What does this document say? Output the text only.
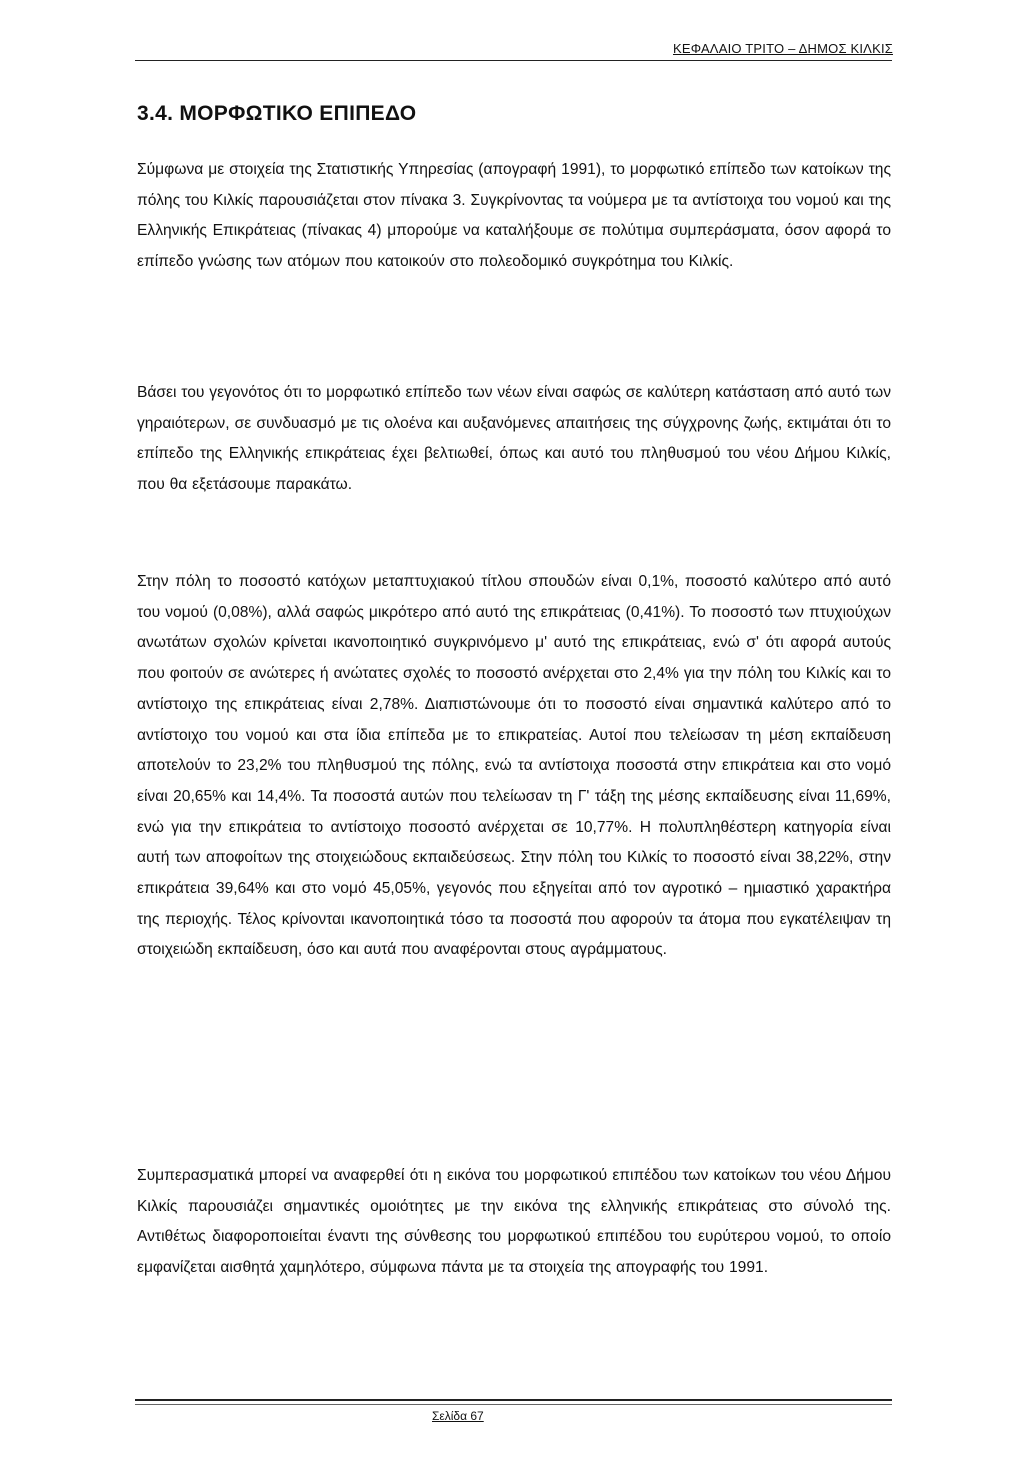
ΚΕΦΑΛΑΙΟ ΤΡΙΤΟ – ΔΗΜΟΣ ΚΙΛΚΙΣ
3.4. ΜΟΡΦΩΤΙΚΟ ΕΠΙΠΕΔΟ

Σύμφωνα με στοιχεία της Στατιστικής Υπηρεσίας (απογραφή 1991), το μορφωτικό επίπεδο των κατοίκων της πόλης του Κιλκίς παρουσιάζεται στον πίνακα 3. Συγκρίνοντας τα νούμερα με τα αντίστοιχα του νομού και της Ελληνικής Επικράτειας (πίνακας 4) μπορούμε να καταλήξουμε σε πολύτιμα συμπεράσματα, όσον αφορά το επίπεδο γνώσης των ατόμων που κατοικούν στο πολεοδομικό συγκρότημα του Κιλκίς.

Βάσει του γεγονότος ότι το μορφωτικό επίπεδο των νέων είναι σαφώς σε καλύτερη κατάσταση από αυτό των γηραιότερων, σε συνδυασμό με τις ολοένα και αυξανόμενες απαιτήσεις της σύγχρονης ζωής, εκτιμάται ότι το επίπεδο της Ελληνικής επικράτειας έχει βελτιωθεί, όπως και αυτό του πληθυσμού του νέου Δήμου Κιλκίς, που θα εξετάσουμε παρακάτω.

Στην πόλη το ποσοστό κατόχων μεταπτυχιακού τίτλου σπουδών είναι 0,1%, ποσοστό καλύτερο από αυτό του νομού (0,08%), αλλά σαφώς μικρότερο από αυτό της επικράτειας (0,41%). Το ποσοστό των πτυχιούχων ανωτάτων σχολών κρίνεται ικανοποιητικό συγκρινόμενο μ' αυτό της επικράτειας, ενώ σ' ότι αφορά αυτούς που φοιτούν σε ανώτερες ή ανώτατες σχολές το ποσοστό ανέρχεται στο 2,4% για την πόλη του Κιλκίς και το αντίστοιχο της επικράτειας είναι 2,78%. Διαπιστώνουμε ότι το ποσοστό είναι σημαντικά καλύτερο από το αντίστοιχο του νομού και στα ίδια επίπεδα με το επικρατείας. Αυτοί που τελείωσαν τη μέση εκπαίδευση αποτελούν το 23,2% του πληθυσμού της πόλης, ενώ τα αντίστοιχα ποσοστά στην επικράτεια και στο νομό είναι 20,65% και 14,4%. Τα ποσοστά αυτών που τελείωσαν τη Γ' τάξη της μέσης εκπαίδευσης είναι 11,69%, ενώ για την επικράτεια το αντίστοιχο ποσοστό ανέρχεται σε 10,77%. Η πολυπληθέστερη κατηγορία είναι αυτή των αποφοίτων της στοιχειώδους εκπαιδεύσεως. Στην πόλη του Κιλκίς το ποσοστό είναι 38,22%, στην επικράτεια 39,64% και στο νομό 45,05%, γεγονός που εξηγείται από τον αγροτικό – ημιαστικό χαρακτήρα της περιοχής. Τέλος κρίνονται ικανοποιητικά τόσο τα ποσοστά που αφορούν τα άτομα που εγκατέλειψαν τη στοιχειώδη εκπαίδευση, όσο και αυτά που αναφέρονται στους αγράμματους.

Συμπερασματικά μπορεί να αναφερθεί ότι η εικόνα του μορφωτικού επιπέδου των κατοίκων του νέου Δήμου Κιλκίς παρουσιάζει σημαντικές ομοιότητες με την εικόνα της ελληνικής επικράτειας στο σύνολό της. Αντιθέτως διαφοροποιείται έναντι της σύνθεσης του μορφωτικού επιπέδου του ευρύτερου νομού, το οποίο εμφανίζεται αισθητά χαμηλότερο, σύμφωνα πάντα με τα στοιχεία της απογραφής του 1991.

Σελίδα 67
